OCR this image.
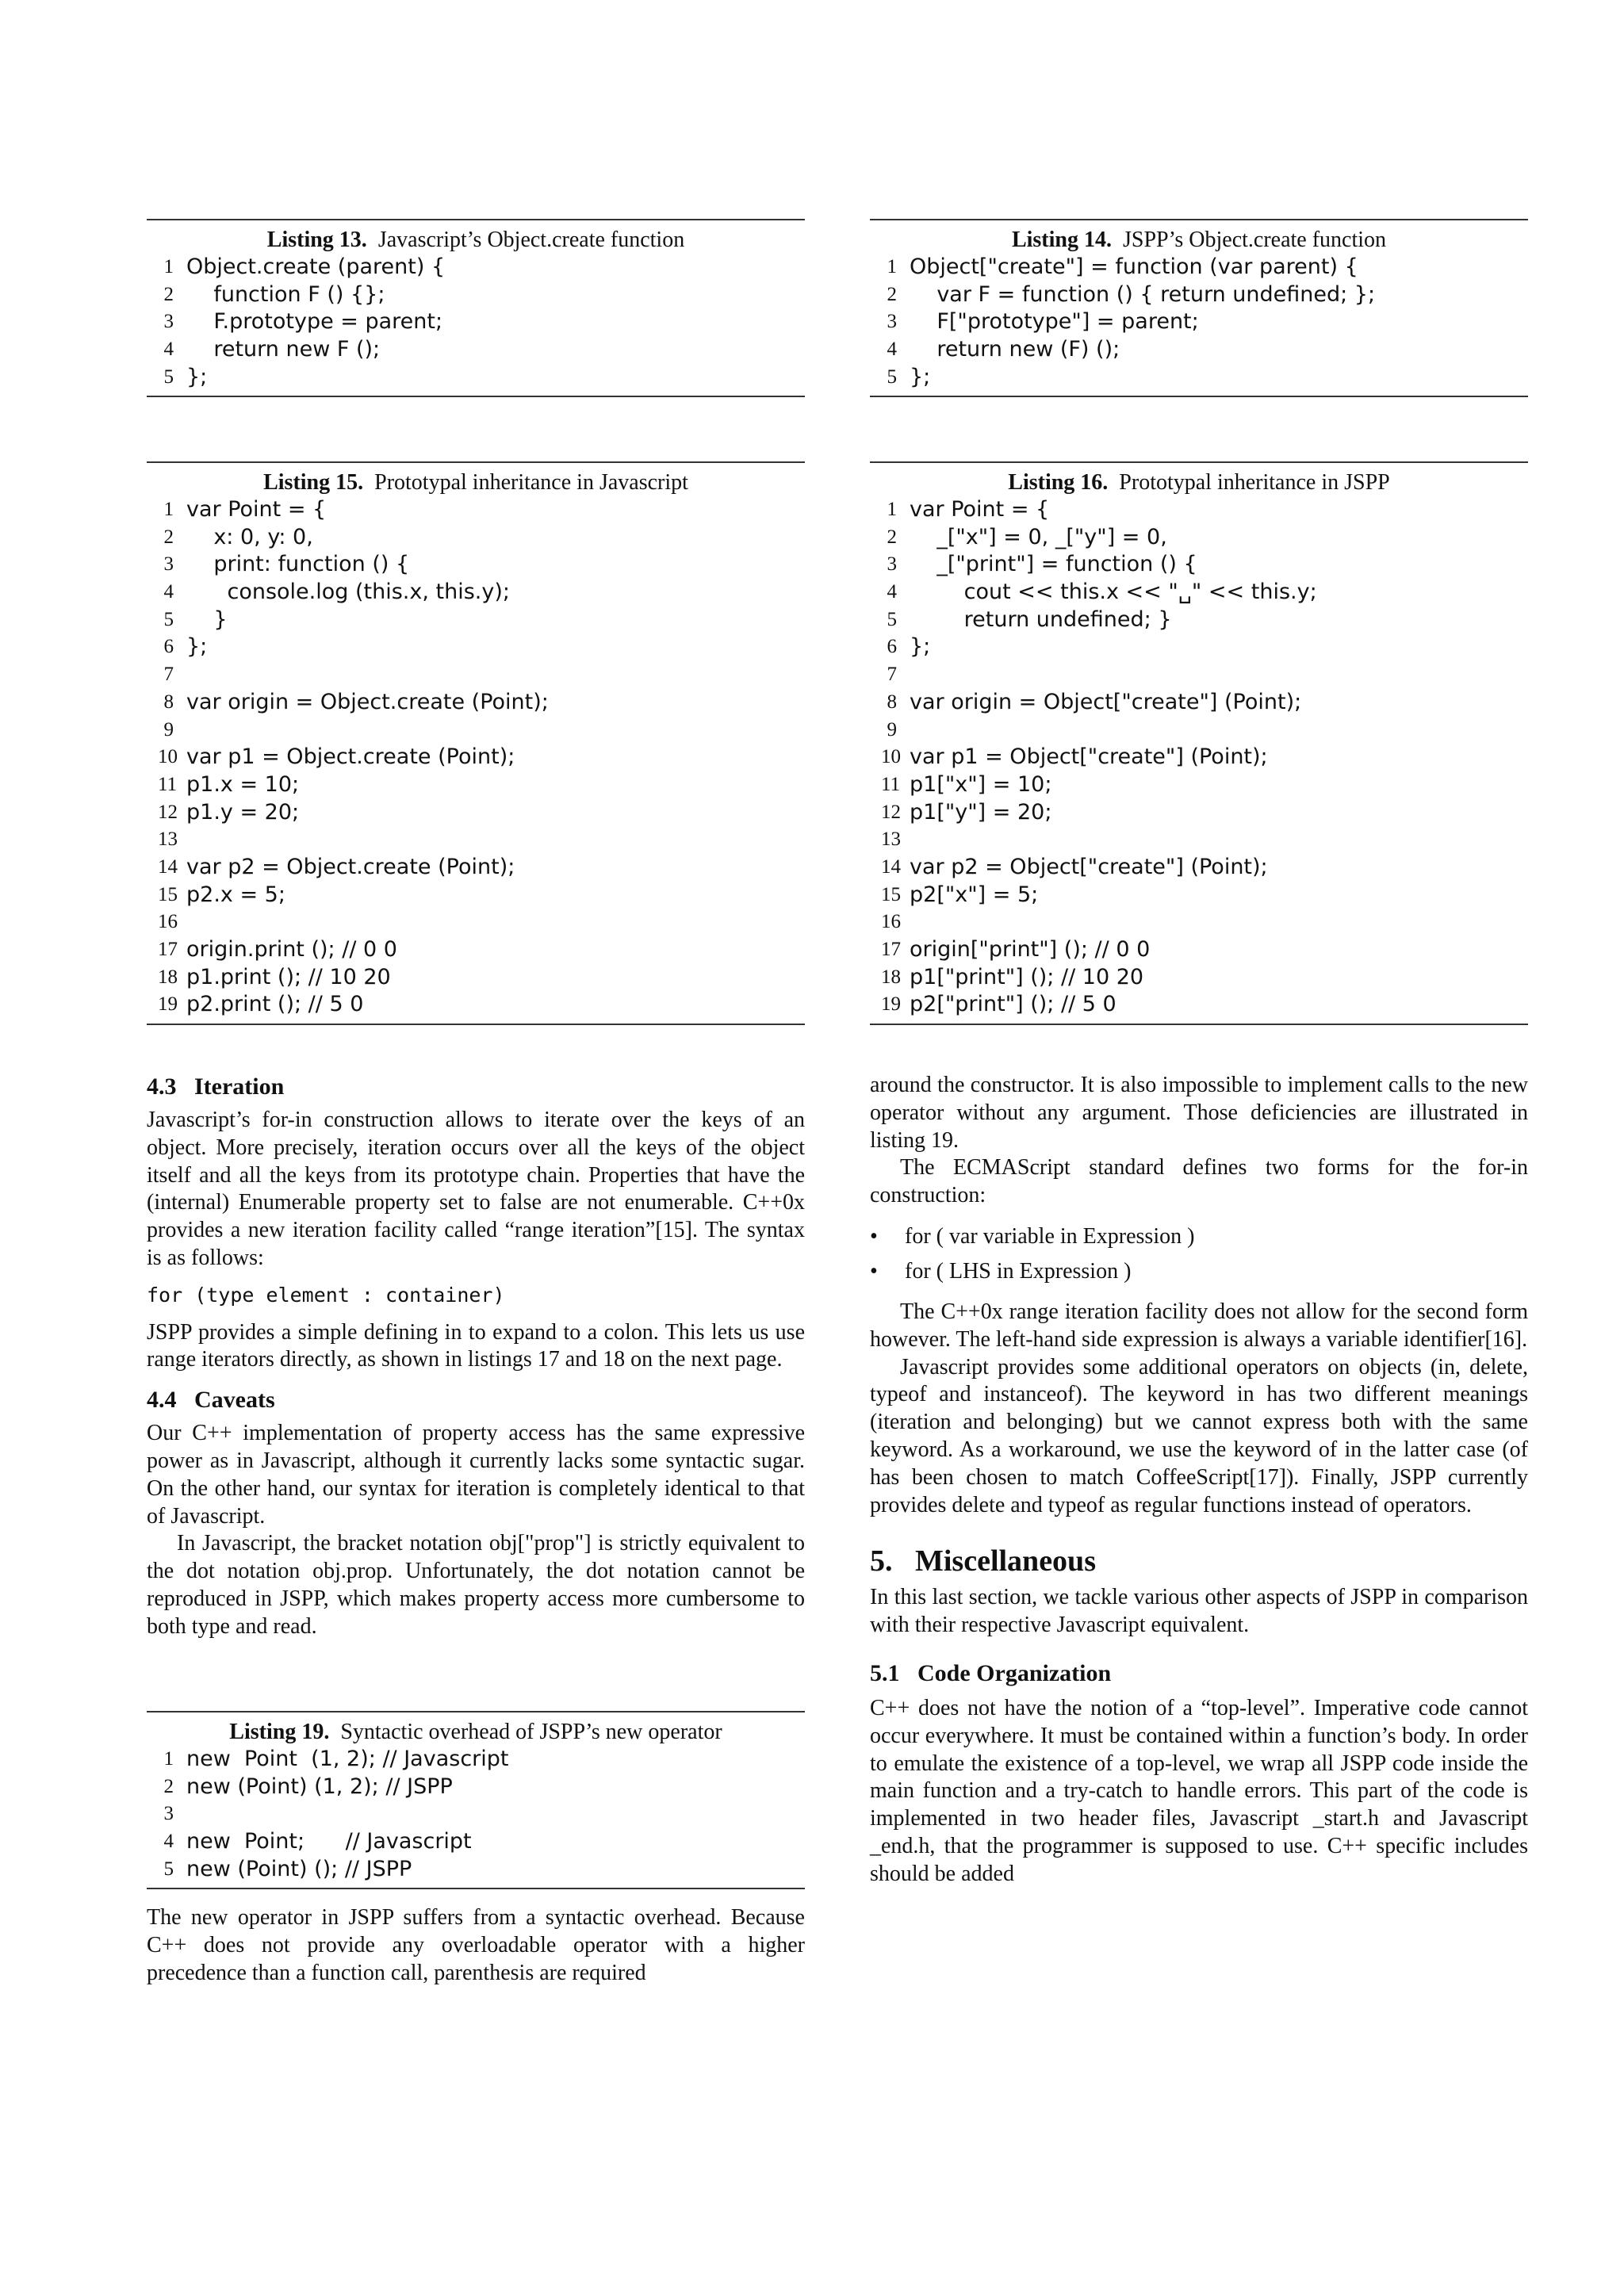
Listing 13. Javascript’s Object.create function
1 Object.create (parent) {
2 function F () {};
3 F.prototype = parent;
4 return new F ();
5 };
Listing 14. JSPP’s Object.create function
1 Object["create"] = function (var parent) {
2 var F = function () { return undefined; };
3 F["prototype"] = parent;
4 return new (F) ();
5 };
Listing 15. Prototypal inheritance in Javascript
1 var Point = {
2 x: 0, y: 0,
3 print: function () {
4 console.log (this.x, this.y);
5 }
6 };
7
8 var origin = Object.create (Point);
9
10 var p1 = Object.create (Point);
11 p1.x = 10;
12 p1.y = 20;
13
14 var p2 = Object.create (Point);
15 p2.x = 5;
16
17 origin.print (); // 0 0
18 p1.print (); // 10 20
19 p2.print (); // 5 0
Listing 16. Prototypal inheritance in JSPP
1 var Point = {
2 _["x"] = 0, _["y"] = 0,
3 _["print"] = function () {
4 cout << this.x << "␣" << this.y;
5 return undefined; }
6 };
7
8 var origin = Object["create"] (Point);
9
10 var p1 = Object["create"] (Point);
11 p1["x"] = 10;
12 p1["y"] = 20;
13
14 var p2 = Object["create"] (Point);
15 p2["x"] = 5;
16
17 origin["print"] (); // 0 0
18 p1["print"] (); // 10 20
19 p2["print"] (); // 5 0
4.3   Iteration
Javascript’s for-in construction allows to iterate over the keys of an object. More precisely, iteration occurs over all the keys of the object itself and all the keys from its prototype chain. Properties that have the (internal) Enumerable property set to false are not enumerable. C++0x provides a new iteration facility called “range iteration”[15]. The syntax is as follows:
for (type element : container)
JSPP provides a simple defining in to expand to a colon. This lets us use range iterators directly, as shown in listings 17 and 18 on the next page.
4.4   Caveats
Our C++ implementation of property access has the same expressive power as in Javascript, although it currently lacks some syntactic sugar. On the other hand, our syntax for iteration is completely identical to that of Javascript.
In Javascript, the bracket notation obj["prop"] is strictly equivalent to the dot notation obj.prop. Unfortunately, the dot notation cannot be reproduced in JSPP, which makes property access more cumbersome to both type and read.
Listing 19. Syntactic overhead of JSPP’s new operator
1 new  Point  (1, 2); // Javascript
2 new (Point) (1, 2); // JSPP
3
4 new  Point;      // Javascript
5 new (Point) (); // JSPP
The new operator in JSPP suffers from a syntactic overhead. Because C++ does not provide any overloadable operator with a higher precedence than a function call, parenthesis are required
around the constructor. It is also impossible to implement calls to the new operator without any argument. Those deficiencies are illustrated in listing 19.
The ECMAScript standard defines two forms for the for-in construction:
• for ( var variable in Expression )
• for ( LHS in Expression )
The C++0x range iteration facility does not allow for the second form however. The left-hand side expression is always a variable identifier[16].
Javascript provides some additional operators on objects (in, delete, typeof and instanceof). The keyword in has two different meanings (iteration and belonging) but we cannot express both with the same keyword. As a workaround, we use the keyword of in the latter case (of has been chosen to match CoffeeScript[17]). Finally, JSPP currently provides delete and typeof as regular functions instead of operators.
5.   Miscellaneous
In this last section, we tackle various other aspects of JSPP in comparison with their respective Javascript equivalent.
5.1   Code Organization
C++ does not have the notion of a “top-level”. Imperative code cannot occur everywhere. It must be contained within a function’s body. In order to emulate the existence of a top-level, we wrap all JSPP code inside the main function and a try-catch to handle errors. This part of the code is implemented in two header files, Javascript _start.h and Javascript _end.h, that the programmer is supposed to use. C++ specific includes should be added
